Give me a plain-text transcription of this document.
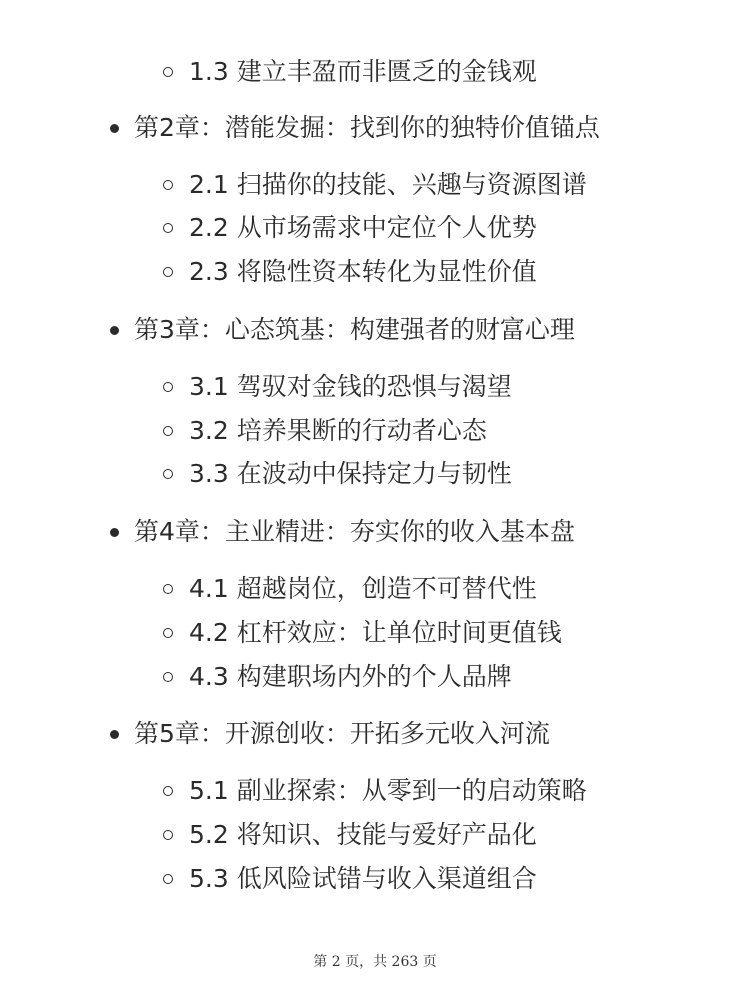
1.3 建立丰盈而非匮乏的金钱观
第2章：潜能发掘：找到你的独特价值锚点
2.1 扫描你的技能、兴趣与资源图谱
2.2 从市场需求中定位个人优势
2.3 将隐性资本转化为显性价值
第3章：心态筑基：构建强者的财富心理
3.1 驾驭对金钱的恐惧与渴望
3.2 培养果断的行动者心态
3.3 在波动中保持定力与韧性
第4章：主业精进：夯实你的收入基本盘
4.1 超越岗位，创造不可替代性
4.2 杠杆效应：让单位时间更值钱
4.3 构建职场内外的个人品牌
第5章：开源创收：开拓多元收入河流
5.1 副业探索：从零到一的启动策略
5.2 将知识、技能与爱好产品化
5.3 低风险试错与收入渠道组合
第 2 页，共 263 页
